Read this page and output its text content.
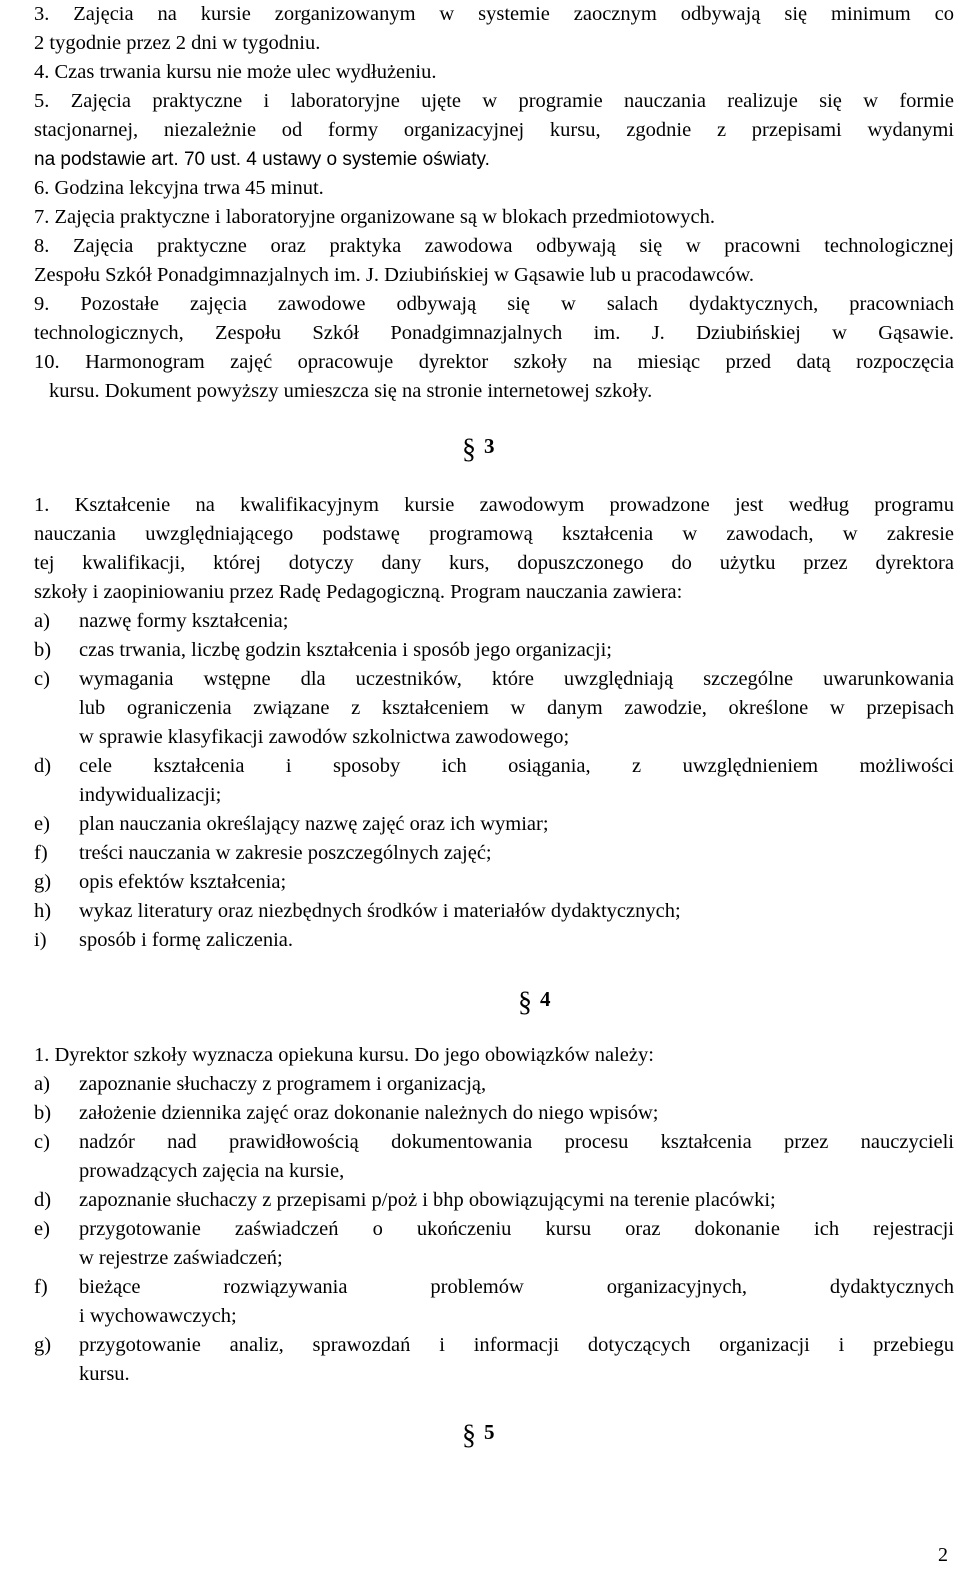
3. Zajęcia na kursie zorganizowanym w systemie zaocznym odbywają się minimum co
2 tygodnie przez 2 dni w tygodniu.
4. Czas trwania kursu nie może ulec wydłużeniu.
5. Zajęcia praktyczne i laboratoryjne ujęte w programie nauczania realizuje się w formie
stacjonarnej, niezależnie od formy organizacyjnej kursu, zgodnie z przepisami wydanymi
na podstawie art. 70 ust. 4 ustawy o systemie oświaty.
6. Godzina lekcyjna trwa 45 minut.
7. Zajęcia praktyczne i laboratoryjne organizowane są w blokach przedmiotowych.
8. Zajęcia praktyczne oraz praktyka zawodowa odbywają się w pracowni technologicznej
Zespołu Szkół Ponadgimnazjalnych im. J. Dziubińskiej w Gąsawie lub u pracodawców.
9. Pozostałe zajęcia zawodowe odbywają się w salach dydaktycznych, pracowniach
technologicznych, Zespołu Szkół Ponadgimnazjalnych im. J. Dziubińskiej w Gąsawie.
10. Harmonogram zajęć opracowuje dyrektor szkoły na miesiąc przed datą rozpoczęcia
kursu. Dokument powyższy umieszcza się na stronie internetowej szkoły.
§ 3
1. Kształcenie na kwalifikacyjnym kursie zawodowym prowadzone jest według programu
nauczania uwzględniającego podstawę programową kształcenia w zawodach, w zakresie
tej kwalifikacji, której dotyczy dany kurs, dopuszczonego do użytku przez dyrektora
szkoły i zaopiniowaniu przez Radę Pedagogiczną. Program nauczania zawiera:
a)	nazwę formy kształcenia;
b)	czas trwania, liczbę godzin kształcenia i sposób jego organizacji;
c)	wymagania wstępne dla uczestników, które uwzględniają szczególne uwarunkowania
lub ograniczenia związane z kształceniem w danym zawodzie, określone w przepisach
w sprawie klasyfikacji zawodów szkolnictwa zawodowego;
d)	cele kształcenia i sposoby ich osiągania, z uwzględnieniem możliwości
indywidualizacji;
e)	plan nauczania określający nazwę zajęć oraz ich wymiar;
f)	treści nauczania w zakresie poszczególnych zajęć;
g)	opis efektów kształcenia;
h)	wykaz literatury oraz niezbędnych środków i materiałów dydaktycznych;
i)	sposób i formę zaliczenia.
§ 4
1. Dyrektor szkoły wyznacza opiekuna kursu. Do jego obowiązków należy:
a)	zapoznanie słuchaczy z programem i organizacją,
b)	założenie dziennika zajęć oraz dokonanie należnych do niego wpisów;
c)	nadzór nad prawidłowością dokumentowania procesu kształcenia przez nauczycieli
prowadzących zajęcia na kursie,
d)	zapoznanie słuchaczy z przepisami p/poż i bhp obowiązującymi na terenie placówki;
e)	przygotowanie zaświadczeń o ukończeniu kursu oraz dokonanie ich rejestracji
w rejestrze zaświadczeń;
f)	bieżące rozwiązywania problemów organizacyjnych, dydaktycznych
i wychowawczych;
g)	przygotowanie analiz, sprawozdań i informacji dotyczących organizacji i przebiegu
kursu.
§ 5
2
